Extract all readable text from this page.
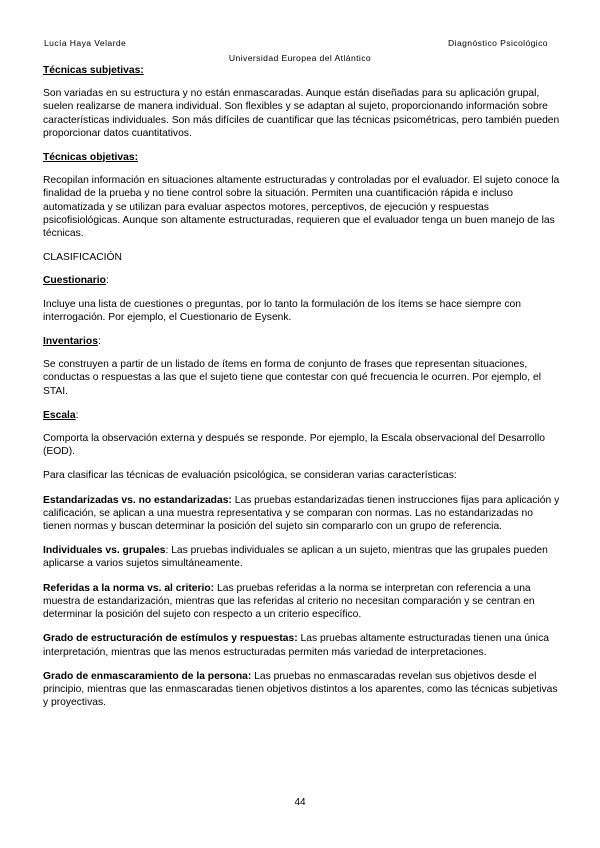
Lucía Haya Velarde	Diagnóstico Psicológico
Universidad Europea del Atlántico

Técnicas subjetivas:

Son variadas en su estructura y no están enmascaradas. Aunque están diseñadas para su aplicación grupal, suelen realizarse de manera individual. Son flexibles y se adaptan al sujeto, proporcionando información sobre características individuales. Son más difíciles de cuantificar que las técnicas psicométricas, pero también pueden proporcionar datos cuantitativos.

Técnicas objetivas:

Recopilan información en situaciones altamente estructuradas y controladas por el evaluador. El sujeto conoce la finalidad de la prueba y no tiene control sobre la situación. Permiten una cuantificación rápida e incluso automatizada y se utilizan para evaluar aspectos motores, perceptivos, de ejecución y respuestas psicofisiológicas. Aunque son altamente estructuradas, requieren que el evaluador tenga un buen manejo de las técnicas.

CLASIFICACIÓN

Cuestionario:

Incluye una lista de cuestiones o preguntas, por lo tanto la formulación de los ítems se hace siempre con interrogación. Por ejemplo, el Cuestionario de Eysenk.

Inventarios:

Se construyen a partir de un listado de ítems en forma de conjunto de frases que representan situaciones, conductas o respuestas a las que el sujeto tiene que contestar con qué frecuencia le ocurren. Por ejemplo, el STAI.

Escala:

Comporta la observación externa y después se responde. Por ejemplo, la Escala observacional del Desarrollo (EOD).

Para clasificar las técnicas de evaluación psicológica, se consideran varias características:

Estandarizadas vs. no estandarizadas: Las pruebas estandarizadas tienen instrucciones fijas para aplicación y calificación, se aplican a una muestra representativa y se comparan con normas. Las no estandarizadas no tienen normas y buscan determinar la posición del sujeto sin compararlo con un grupo de referencia.

Individuales vs. grupales: Las pruebas individuales se aplican a un sujeto, mientras que las grupales pueden aplicarse a varios sujetos simultáneamente.

Referidas a la norma vs. al criterio: Las pruebas referidas a la norma se interpretan con referencia a una muestra de estandarización, mientras que las referidas al criterio no necesitan comparación y se centran en determinar la posición del sujeto con respecto a un criterio específico.

Grado de estructuración de estímulos y respuestas: Las pruebas altamente estructuradas tienen una única interpretación, mientras que las menos estructuradas permiten más variedad de interpretaciones.

Grado de enmascaramiento de la persona: Las pruebas no enmascaradas revelan sus objetivos desde el principio, mientras que las enmascaradas tienen objetivos distintos a los aparentes, como las técnicas subjetivas y proyectivas.

44
